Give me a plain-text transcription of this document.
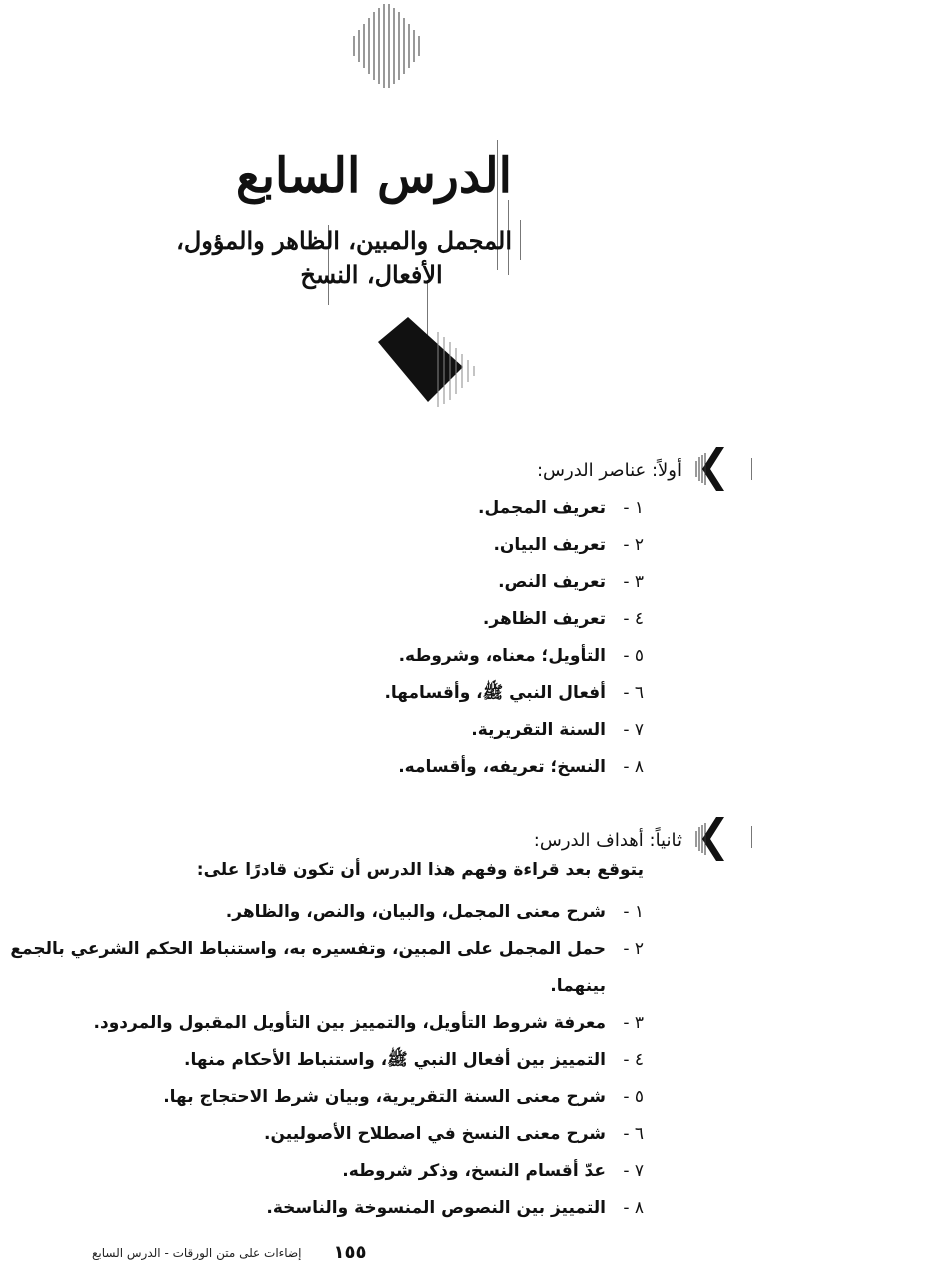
الدرس السابع
المجمل والمبين، الظاهر والمؤول،
الأفعال، النسخ
أولاً: عناصر الدرس:
١ -تعريف المجمل.
٢ -تعريف البيان.
٣ -تعريف النص.
٤ -تعريف الظاهر.
٥ -التأويل؛ معناه، وشروطه.
٦ -أفعال النبي ﷺ، وأقسامها.
٧ -السنة التقريرية.
٨ -النسخ؛ تعريفه، وأقسامه.
ثانياً: أهداف الدرس:
يتوقع بعد قراءة وفهم هذا الدرس أن تكون قادرًا على:
١ -شرح معنى المجمل، والبيان، والنص، والظاهر.
٢ -حمل المجمل على المبين، وتفسيره به، واستنباط الحكم الشرعي بالجمع
بينهما.
٣ -معرفة شروط التأويل، والتمييز بين التأويل المقبول والمردود.
٤ -التمييز بين أفعال النبي ﷺ، واستنباط الأحكام منها.
٥ -شرح معنى السنة التقريرية، وبيان شرط الاحتجاج بها.
٦ -شرح معنى النسخ في اصطلاح الأصوليين.
٧ -عدّ أقسام النسخ، وذكر شروطه.
٨ -التمييز بين النصوص المنسوخة والناسخة.
١٥٥
إضاءات على متن الورقات - الدرس السابع
